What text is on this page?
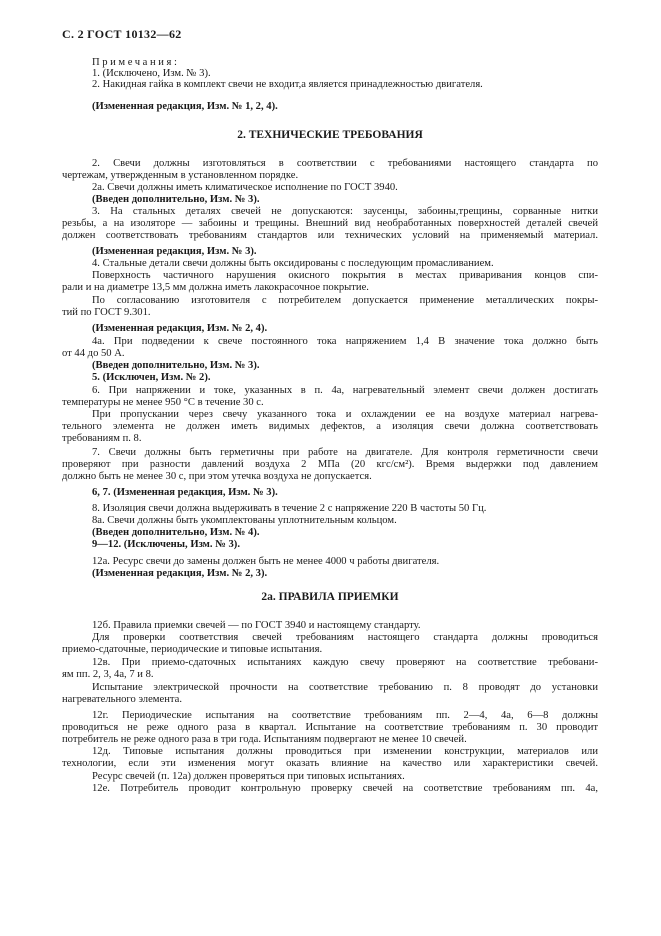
С. 2 ГОСТ 10132—62
Примечания:
1. (Исключено, Изм. № 3).
2. Накидная гайка в комплект свечи не входит,а является принадлежностью двигателя.
(Измененная редакция, Изм. № 1, 2, 4).
2. ТЕХНИЧЕСКИЕ ТРЕБОВАНИЯ
2. Свечи должны изготовляться в соответствии с требованиями настоящего стандарта по
чертежам, утвержденным в установленном порядке.
2а. Свечи должны иметь климатическое исполнение по ГОСТ 3940.
(Введен дополнительно, Изм. № 3).
3. На стальных деталях свечей не допускаются: заусенцы, забоины,трещины, сорванные нитки
резьбы, а на изоляторе — забоины и трещины. Внешний вид необработанных поверхностей деталей свечей
должен соответствовать требованиям стандартов или технических условий на применяемый материал.
(Измененная редакция, Изм. № 3).
4. Стальные детали свечи должны быть оксидированы с последующим промасливанием.
Поверхность частичного нарушения окисного покрытия в местах приваривания концов спи-
рали и на диаметре 13,5 мм должна иметь лакокрасочное покрытие.
По согласованию изготовителя с потребителем допускается применение металлических покры-
тий по ГОСТ 9.301.
(Измененная редакция, Изм. № 2, 4).
4а. При подведении к свече постоянного тока напряжением 1,4 В значение тока должно быть
от 44 до 50 А.
(Введен дополнительно, Изм. № 3).
5. (Исключен, Изм. № 2).
6. При напряжении и токе, указанных в п. 4а, нагревательный элемент свечи должен достигать
температуры не менее 950 °С в течение 30 с.
При пропускании через свечу указанного тока и охлаждении ее на воздухе материал нагрева-
тельного элемента не должен иметь видимых дефектов, а изоляция свечи должна соответствовать
требованиям п. 8.
7. Свечи должны быть герметичны при работе на двигателе. Для контроля герметичности свечи
проверяют при разности давлений воздуха 2 МПа (20 кгс/см²). Время выдержки под давлением
должно быть не менее 30 с, при этом утечка воздуха не допускается.
6, 7. (Измененная редакция, Изм. № 3).
8. Изоляция свечи должна выдерживать в течение 2 с напряжение 220 В частоты 50 Гц.
8а. Свечи должны быть укомплектованы уплотнительным кольцом.
(Введен дополнительно, Изм. № 4).
9—12. (Исключены, Изм. № 3).
12а. Ресурс свечи до замены должен быть не менее 4000 ч работы двигателя.
(Измененная редакция, Изм. № 2, 3).
2а. ПРАВИЛА ПРИЕМКИ
12б. Правила приемки свечей — по ГОСТ 3940 и настоящему стандарту.
Для проверки соответствия свечей требованиям настоящего стандарта должны проводиться
приемо-сдаточные, периодические и типовые испытания.
12в. При приемо-сдаточных испытаниях каждую свечу проверяют на соответствие требовани-
ям пп. 2, 3, 4а, 7 и 8.
Испытание электрической прочности на соответствие требованию п. 8 проводят до установки
нагревательного элемента.
12г. Периодические испытания на соответствие требованиям пп. 2—4, 4а, 6—8 должны
проводиться не реже одного раза в квартал. Испытание на соответствие требованиям п. 30 проводит
потребитель не реже одного раза в три года. Испытаниям подвергают не менее 10 свечей.
12д. Типовые испытания должны проводиться при изменении конструкции, материалов или
технологии, если эти изменения могут оказать влияние на качество или характеристики свечей.
Ресурс свечей (п. 12а) должен проверяться при типовых испытаниях.
12е. Потребитель проводит контрольную проверку свечей на соответствие требованиям пп. 4а,
